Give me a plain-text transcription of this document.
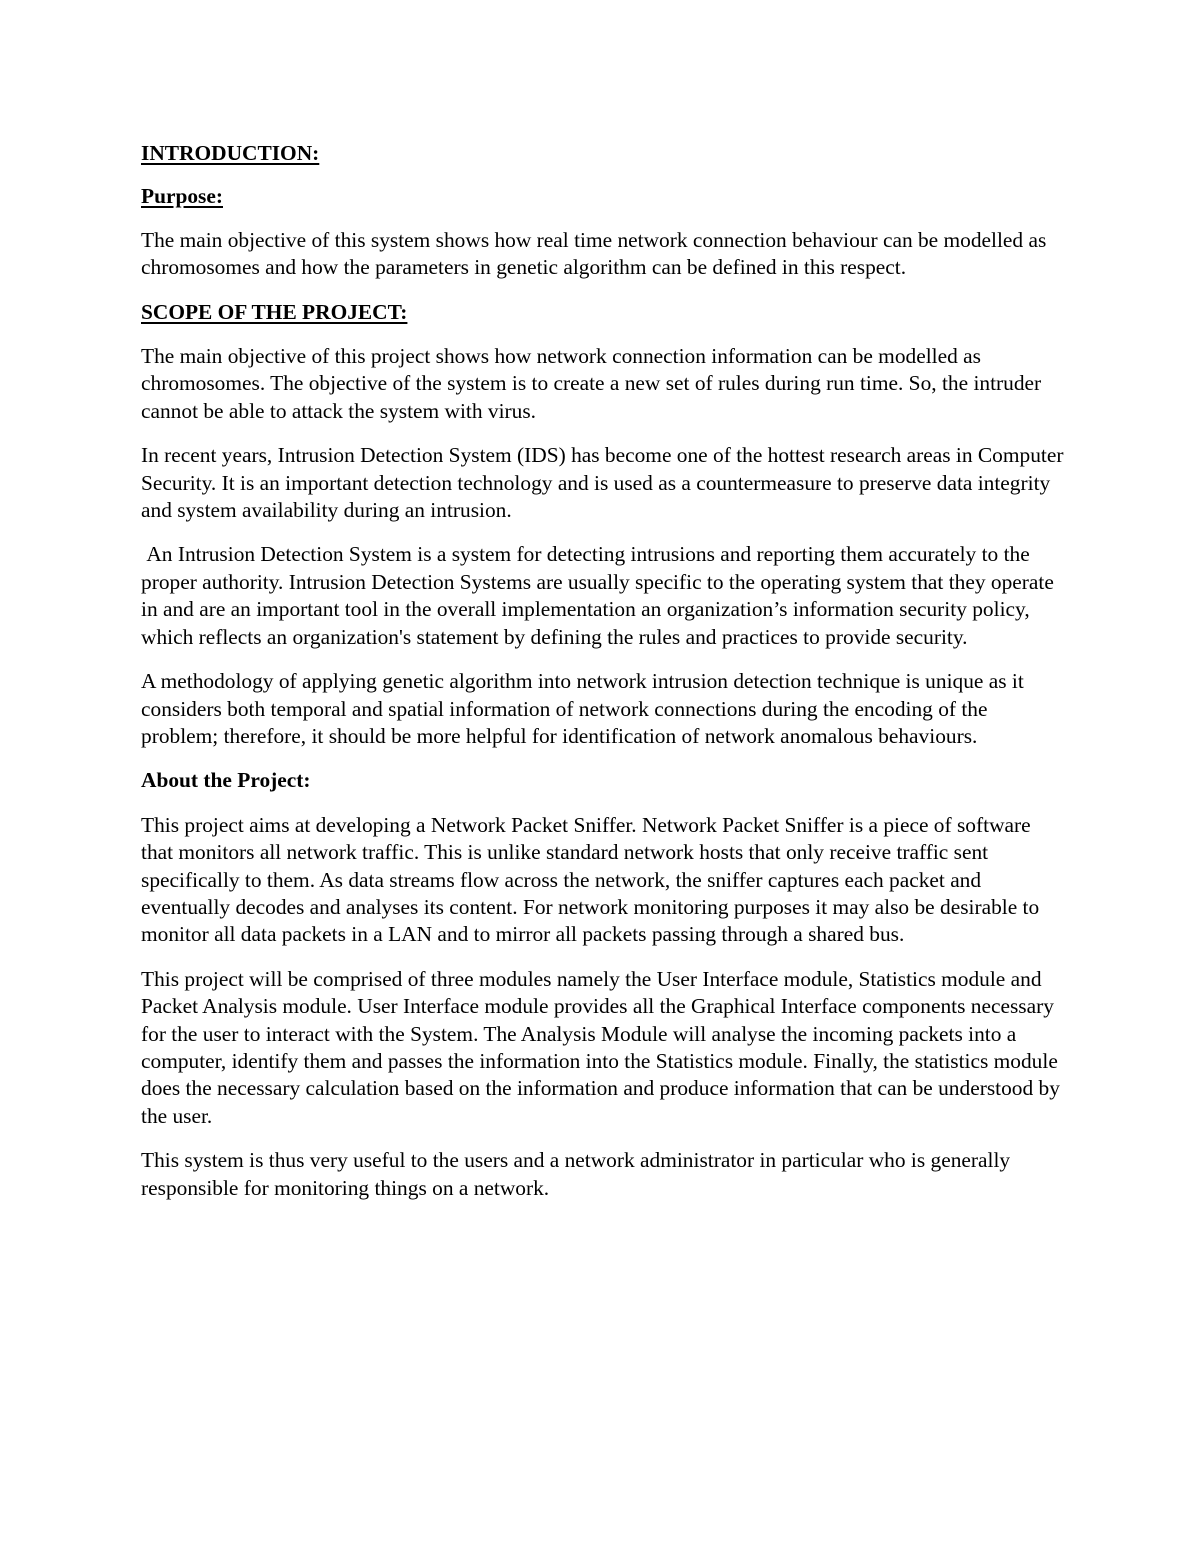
INTRODUCTION:

Purpose:

The main objective of this system shows how real time network connection behaviour can be modelled as chromosomes and how the parameters in genetic algorithm can be defined in this respect.

SCOPE OF THE PROJECT:

The main objective of this project shows how network connection information can be modelled as chromosomes. The objective of the system is to create a new set of rules during run time. So, the intruder cannot be able to attack the system with virus.

In recent years, Intrusion Detection System (IDS) has become one of the hottest research areas in Computer Security. It is an important detection technology and is used as a countermeasure to preserve data integrity and system availability during an intrusion.

An Intrusion Detection System is a system for detecting intrusions and reporting them accurately to the proper authority. Intrusion Detection Systems are usually specific to the operating system that they operate in and are an important tool in the overall implementation an organization’s information security policy, which reflects an organization's statement by defining the rules and practices to provide security.

A methodology of applying genetic algorithm into network intrusion detection technique is unique as it considers both temporal and spatial information of network connections during the encoding of the problem; therefore, it should be more helpful for identification of network anomalous behaviours.

About the Project:

This project aims at developing a Network Packet Sniffer. Network Packet Sniffer is a piece of software that monitors all network traffic. This is unlike standard network hosts that only receive traffic sent specifically to them. As data streams flow across the network, the sniffer captures each packet and eventually decodes and analyses its content. For network monitoring purposes it may also be desirable to monitor all data packets in a LAN and to mirror all packets passing through a shared bus.

This project will be comprised of three modules namely the User Interface module, Statistics module and Packet Analysis module. User Interface module provides all the Graphical Interface components necessary for the user to interact with the System. The Analysis Module will analyse the incoming packets into a computer, identify them and passes the information into the Statistics module. Finally, the statistics module does the necessary calculation based on the information and produce information that can be understood by the user.

This system is thus very useful to the users and a network administrator in particular who is generally responsible for monitoring things on a network.
